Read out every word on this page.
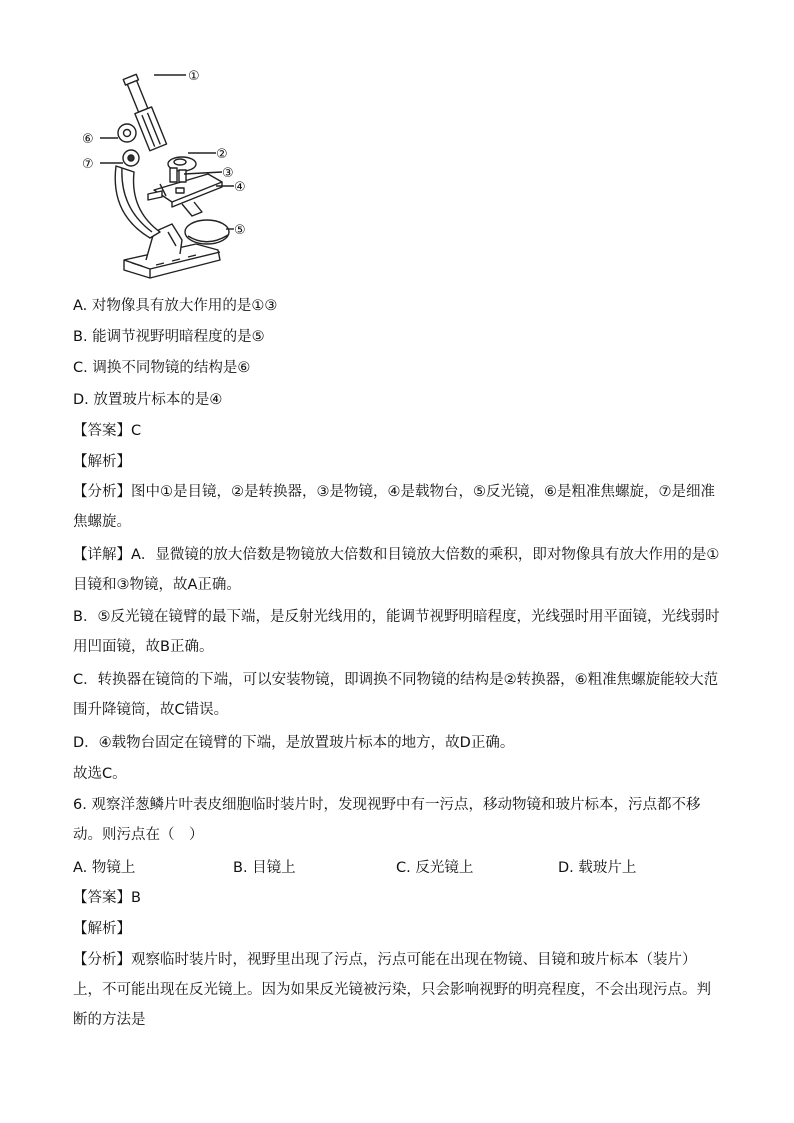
①
②
③
④
⑤
⑥
⑦
A. 对物像具有放大作用的是①③
B. 能调节视野明暗程度的是⑤
C. 调换不同物镜的结构是⑥
D. 放置玻片标本的是④
【答案】C
【解析】
【分析】图中①是目镜，②是转换器，③是物镜，④是载物台，⑤反光镜，⑥是粗准焦螺旋，⑦是细准焦螺旋。
【详解】A．显微镜的放大倍数是物镜放大倍数和目镜放大倍数的乘积，即对物像具有放大作用的是①目镜和③物镜，故A正确。
B．⑤反光镜在镜臂的最下端，是反射光线用的，能调节视野明暗程度，光线强时用平面镜，光线弱时用凹面镜，故B正确。
C．转换器在镜筒的下端，可以安装物镜，即调换不同物镜的结构是②转换器，⑥粗准焦螺旋能较大范围升降镜筒，故C错误。
D．④载物台固定在镜臂的下端，是放置玻片标本的地方，故D正确。
故选C。
6. 观察洋葱鳞片叶表皮细胞临时装片时，发现视野中有一污点，移动物镜和玻片标本，污点都不移动。则污点在（　）
A. 物镜上	B. 目镜上	C. 反光镜上	D. 载玻片上
【答案】B
【解析】
【分析】观察临时装片时，视野里出现了污点，污点可能在出现在物镜、目镜和玻片标本（装片）上，不可能出现在反光镜上。因为如果反光镜被污染，只会影响视野的明亮程度，不会出现污点。判断的方法是
